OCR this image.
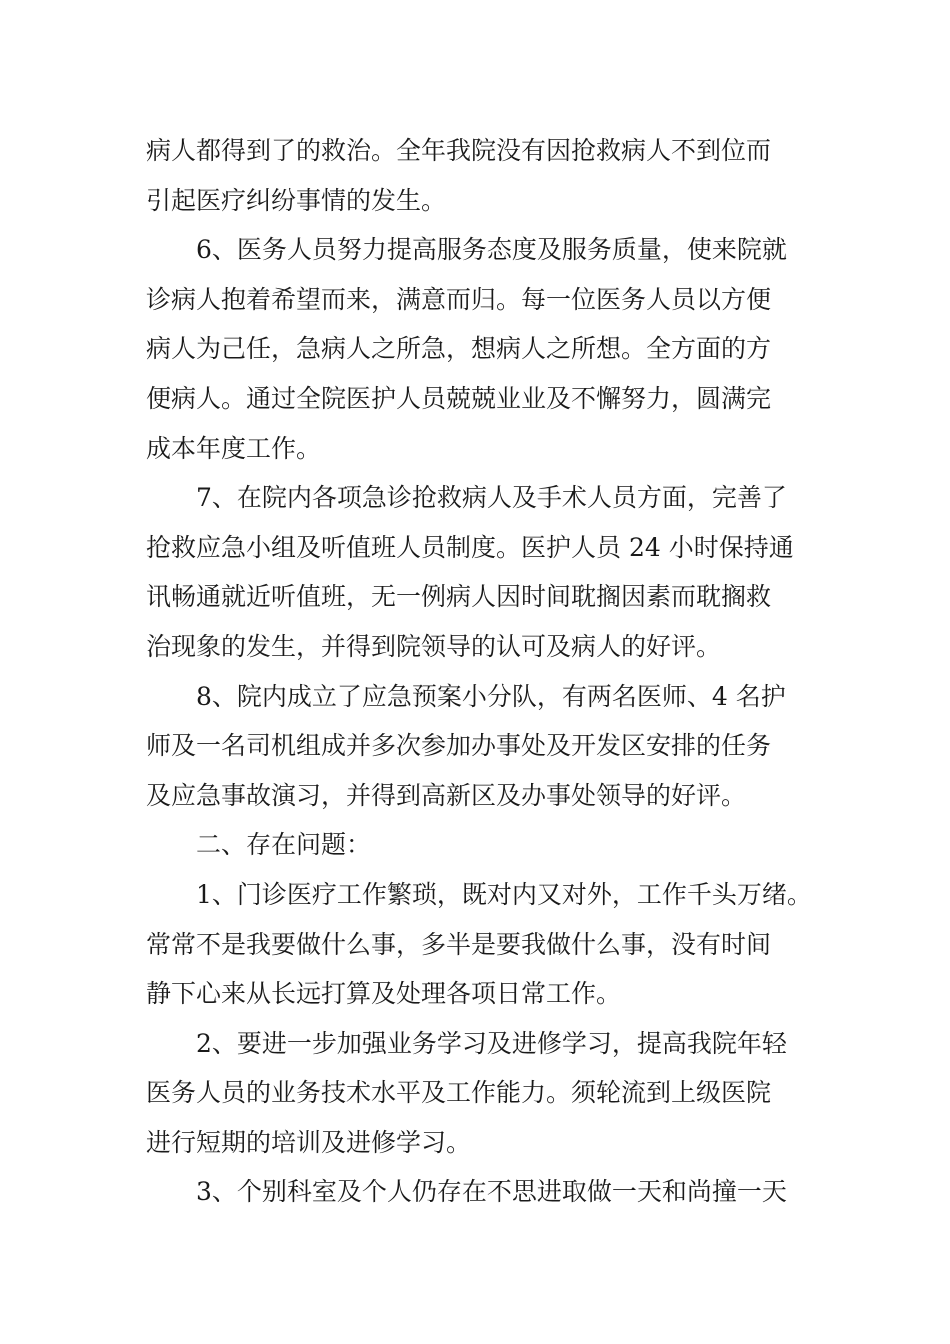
病人都得到了的救治。全年我院没有因抢救病人不到位而
引起医疗纠纷事情的发生。
6、医务人员努力提高服务态度及服务质量，使来院就
诊病人抱着希望而来，满意而归。每一位医务人员以方便
病人为己任，急病人之所急，想病人之所想。全方面的方
便病人。通过全院医护人员兢兢业业及不懈努力，圆满完
成本年度工作。
7、在院内各项急诊抢救病人及手术人员方面，完善了
抢救应急小组及听值班人员制度。医护人员 24 小时保持通
讯畅通就近听值班，无一例病人因时间耽搁因素而耽搁救
治现象的发生，并得到院领导的认可及病人的好评。
8、院内成立了应急预案小分队，有两名医师、4 名护
师及一名司机组成并多次参加办事处及开发区安排的任务
及应急事故演习，并得到高新区及办事处领导的好评。
二、存在问题：
1、门诊医疗工作繁琐，既对内又对外，工作千头万绪。
常常不是我要做什么事，多半是要我做什么事，没有时间
静下心来从长远打算及处理各项日常工作。
2、要进一步加强业务学习及进修学习，提高我院年轻
医务人员的业务技术水平及工作能力。须轮流到上级医院
进行短期的培训及进修学习。
3、个别科室及个人仍存在不思进取做一天和尚撞一天
